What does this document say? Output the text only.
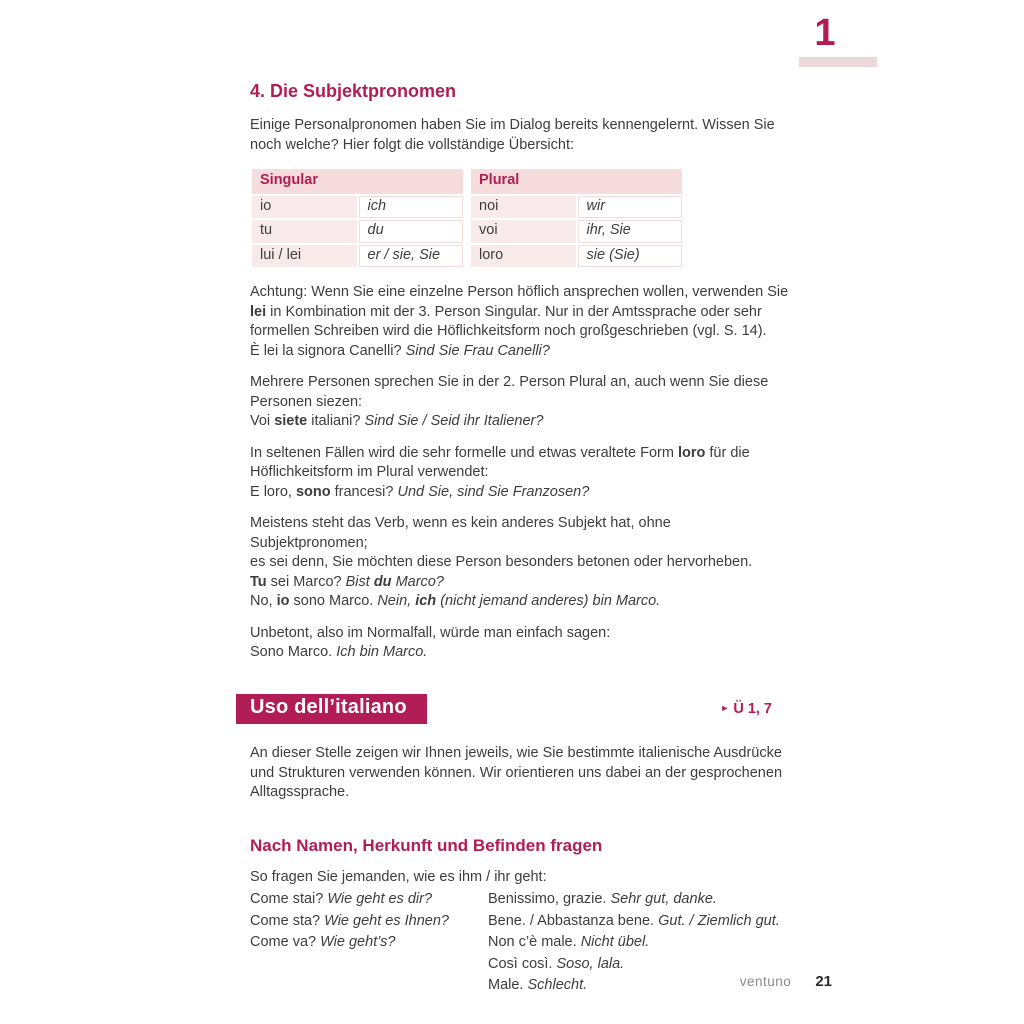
1
4. Die Subjektpronomen
Einige Personalpronomen haben Sie im Dialog bereits kennengelernt. Wissen Sie
noch welche? Hier folgt die vollständige Übersicht:
Singular	
io	ich
tu	du
lui / lei	er / sie, Sie
Plural	
noi	wir
voi	ihr, Sie
loro	sie (Sie)
Achtung: Wenn Sie eine einzelne Person höflich ansprechen wollen, verwenden Sie
lei in Kombination mit der 3. Person Singular. Nur in der Amtssprache oder sehr
formellen Schreiben wird die Höflichkeitsform noch großgeschrieben (vgl. S. 14).
È lei la signora Canelli? Sind Sie Frau Canelli?
Mehrere Personen sprechen Sie in der 2. Person Plural an, auch wenn Sie diese
Personen siezen:
Voi siete italiani? Sind Sie / Seid ihr Italiener?
In seltenen Fällen wird die sehr formelle und etwas veraltete Form loro für die
Höflichkeitsform im Plural verwendet:
E loro, sono francesi? Und Sie, sind Sie Franzosen?
Meistens steht das Verb, wenn es kein anderes Subjekt hat, ohne Subjektpronomen;
es sei denn, Sie möchten diese Person besonders betonen oder hervorheben.
Tu sei Marco? Bist du Marco?
No, io sono Marco. Nein, ich (nicht jemand anderes) bin Marco.
Unbetont, also im Normalfall, würde man einfach sagen:
Sono Marco. Ich bin Marco.
Uso dell’italiano	► Ü 1, 7
An dieser Stelle zeigen wir Ihnen jeweils, wie Sie bestimmte italienische Ausdrücke
und Strukturen verwenden können. Wir orientieren uns dabei an der gesprochenen
Alltagssprache.
Nach Namen, Herkunft und Befinden fragen
So fragen Sie jemanden, wie es ihm / ihr geht:
Come stai? Wie geht es dir?
Come sta? Wie geht es Ihnen?
Come va? Wie geht’s?
Benissimo, grazie. Sehr gut, danke.
Bene. / Abbastanza bene. Gut. / Ziemlich gut.
Non c’è male. Nicht übel.
Così così. Soso, lala.
Male. Schlecht.	ventuno 21
